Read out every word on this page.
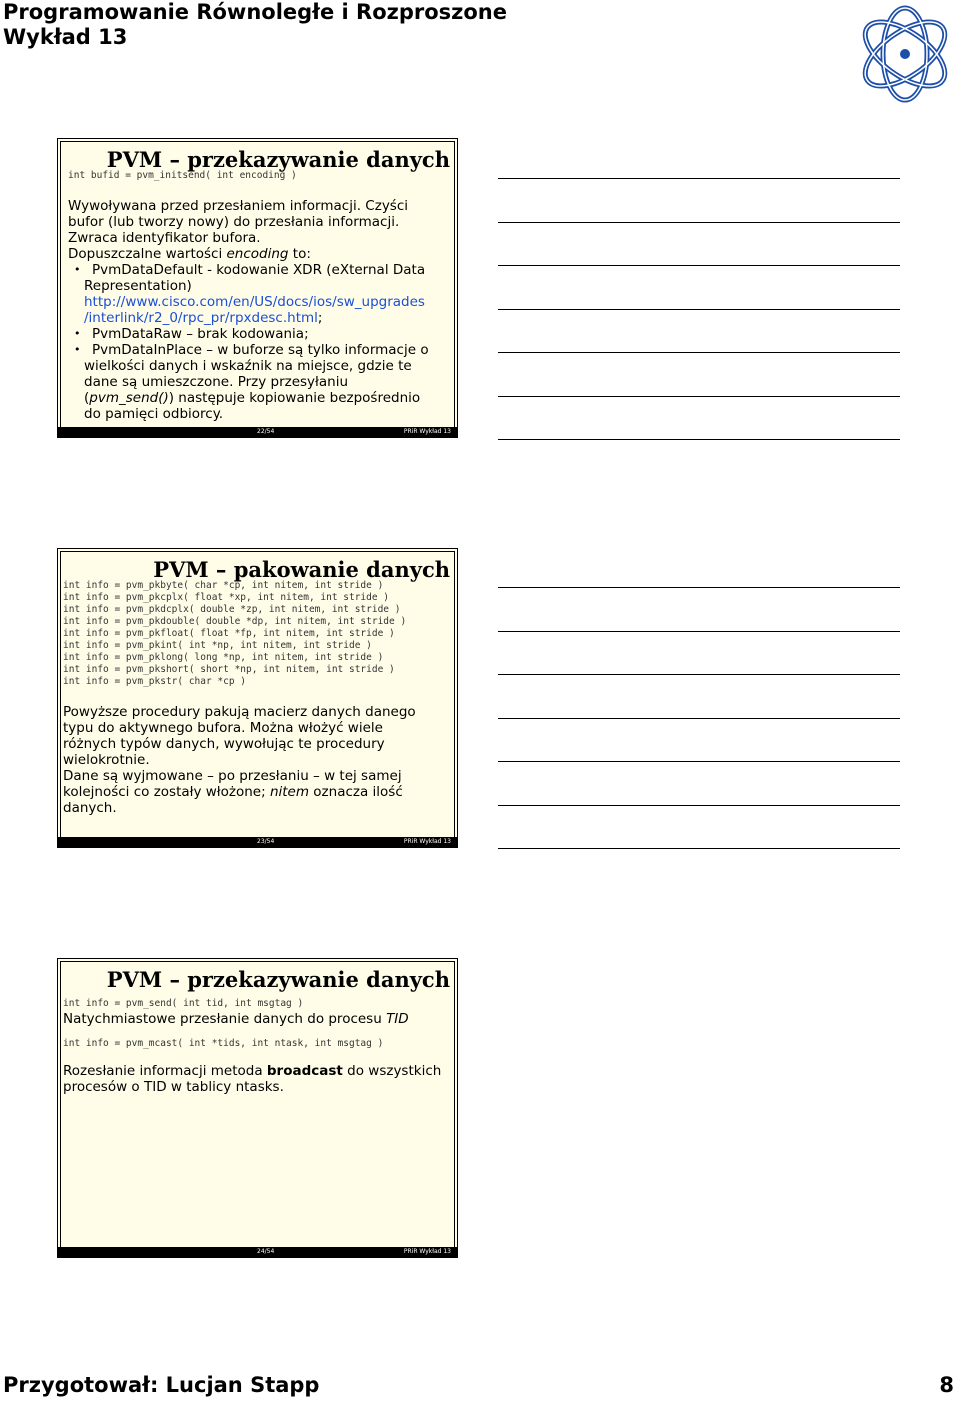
Programowanie Równoległe i Rozproszone
Wykład 13
PVM – przekazywanie danych
int bufid = pvm_initsend( int encoding )
Wywoływana przed przesłaniem informacji. Czyści
bufor (lub tworzy nowy) do przesłania informacji.
Zwraca identyfikator bufora.
Dopuszczalne wartości encoding to:
• PvmDataDefault - kodowanie XDR (eXternal Data
Representation)
http://www.cisco.com/en/US/docs/ios/sw_upgrades
/interlink/r2_0/rpc_pr/rpxdesc.html;
• PvmDataRaw – brak kodowania;
• PvmDataInPlace – w buforze są tylko informacje o
wielkości danych i wskaźnik na miejsce, gdzie te
dane są umieszczone. Przy przesyłaniu
(pvm_send()) następuje kopiowanie bezpośrednio
do pamięci odbiorcy.
22/54	PRiR Wykład 13
PVM – pakowanie danych
int info = pvm_pkbyte( char *cp, int nitem, int stride )
int info = pvm_pkcplx( float *xp, int nitem, int stride )
int info = pvm_pkdcplx( double *zp, int nitem, int stride )
int info = pvm_pkdouble( double *dp, int nitem, int stride )
int info = pvm_pkfloat( float *fp, int nitem, int stride )
int info = pvm_pkint( int *np, int nitem, int stride )
int info = pvm_pklong( long *np, int nitem, int stride )
int info = pvm_pkshort( short *np, int nitem, int stride )
int info = pvm_pkstr( char *cp )
Powyższe procedury pakują macierz danych danego
typu do aktywnego bufora. Można włożyć wiele
różnych typów danych, wywołując te procedury
wielokrotnie.
Dane są wyjmowane – po przesłaniu – w tej samej
kolejności co zostały włożone; nitem oznacza ilość
danych.
23/54	PRiR Wykład 13
PVM – przekazywanie danych
int info = pvm_send( int tid, int msgtag )
Natychmiastowe przesłanie danych do procesu TID
int info = pvm_mcast( int *tids, int ntask, int msgtag )
Rozesłanie informacji metoda broadcast do wszystkich
procesów o TID w tablicy ntasks.
24/54	PRiR Wykład 13
Przygotował: Lucjan Stapp	8
